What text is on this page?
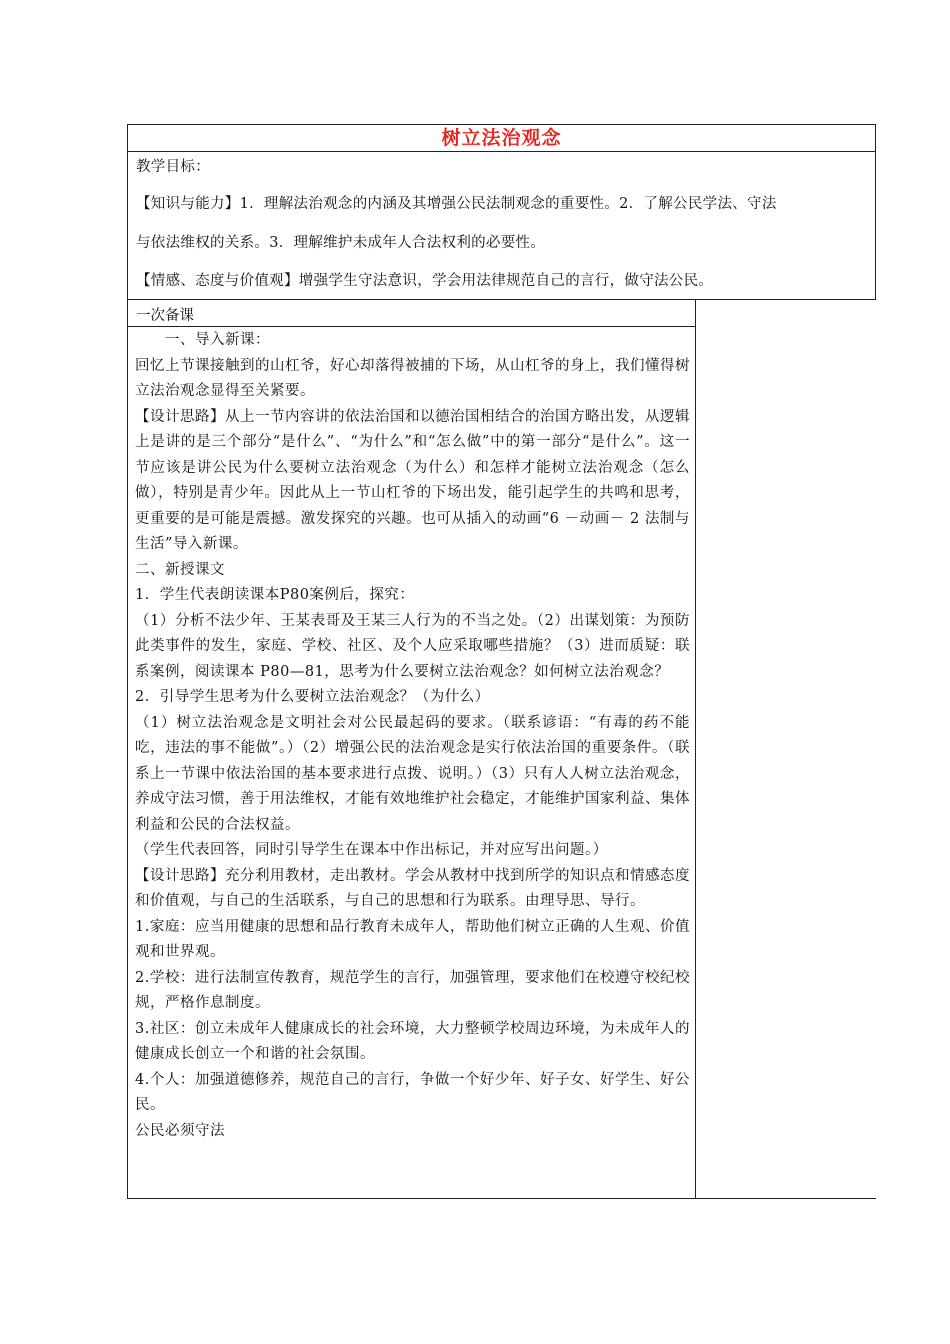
树立法治观念
教学目标：
【知识与能力】1．理解法治观念的内涵及其增强公民法制观念的重要性。2．了解公民学法、守法
与依法维权的关系。3．理解维护未成年人合法权利的必要性。
【情感、态度与价值观】增强学生守法意识，学会用法律规范自己的言行，做守法公民。
一次备课

　　一、导入新课：

回忆上节课接触到的山杠爷，好心却落得被捕的下场，从山杠爷的身上，我们懂得树立法治观念显得至关紧要。

【设计思路】从上一节内容讲的依法治国和以德治国相结合的治国方略出发，从逻辑上是讲的是三个部分“是什么”、“为什么”和“怎么做”中的第一部分“是什么”。这一节应该是讲公民为什么要树立法治观念（为什么）和怎样才能树立法治观念（怎么做），特别是青少年。因此从上一节山杠爷的下场出发，能引起学生的共鸣和思考，更重要的是可能是震撼。激发探究的兴趣。也可从插入的动画“6 －动画－ 2 法制与生活”导入新课。

二、新授课文

1．学生代表朗读课本P80案例后，探究：

（1）分析不法少年、王某表哥及王某三人行为的不当之处。（2）出谋划策：为预防此类事件的发生，家庭、学校、社区、及个人应采取哪些措施？（3）进而质疑：联系案例，阅读课本 P80—81，思考为什么要树立法治观念？如何树立法治观念？

2．引导学生思考为什么要树立法治观念？（为什么）

（1）树立法治观念是文明社会对公民最起码的要求。（联系谚语：“有毒的药不能吃，违法的事不能做”。）（2）增强公民的法治观念是实行依法治国的重要条件。（联系上一节课中依法治国的基本要求进行点拨、说明。）（3）只有人人树立法治观念，养成守法习惯，善于用法维权，才能有效地维护社会稳定，才能维护国家利益、集体利益和公民的合法权益。

（学生代表回答，同时引导学生在课本中作出标记，并对应写出问题。）

【设计思路】充分利用教材，走出教材。学会从教材中找到所学的知识点和情感态度和价值观，与自己的生活联系，与自己的思想和行为联系。由理导思、导行。

1.家庭：应当用健康的思想和品行教育未成年人，帮助他们树立正确的人生观、价值观和世界观。

2.学校：进行法制宣传教育，规范学生的言行，加强管理，要求他们在校遵守校纪校规，严格作息制度。

3.社区：创立未成年人健康成长的社会环境，大力整顿学校周边环境，为未成年人的健康成长创立一个和谐的社会氛围。

4.个人：加强道德修养，规范自己的言行，争做一个好少年、好子女、好学生、好公民。

公民必须守法
